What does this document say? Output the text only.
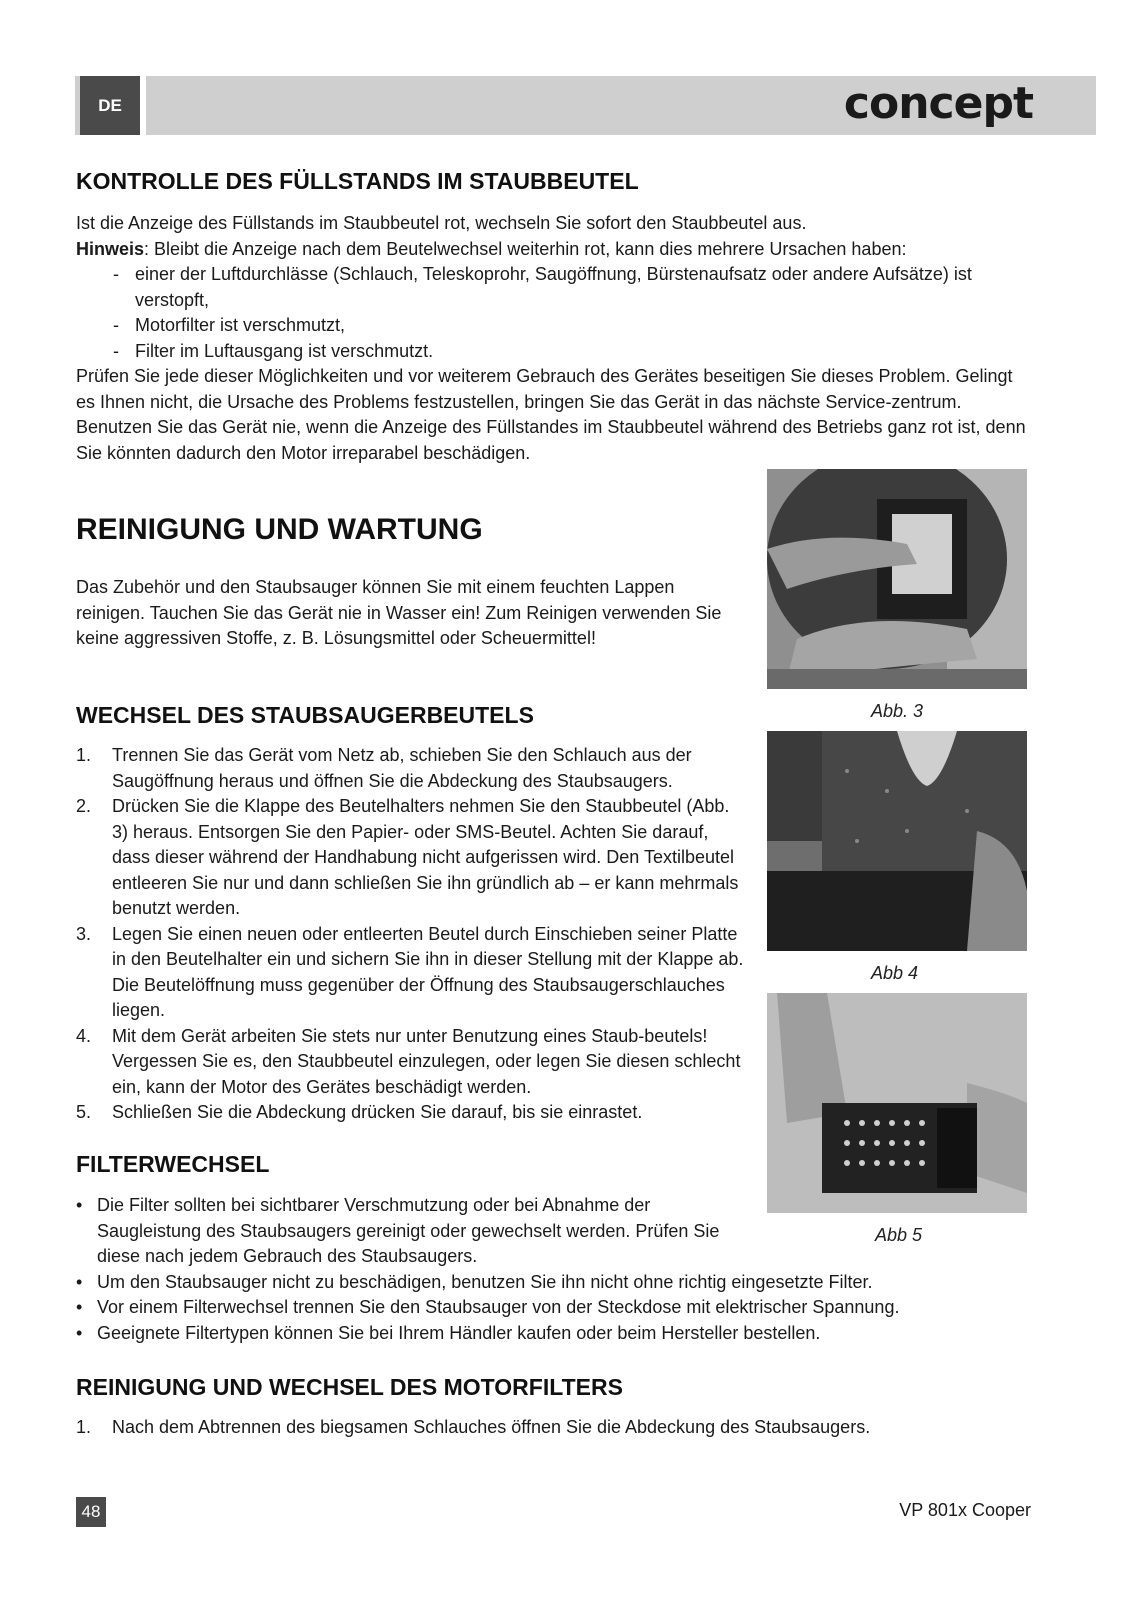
DE	concept
KONTROLLE DES FÜLLSTANDS IM STAUBBEUTEL

Ist die Anzeige des Füllstands im Staubbeutel rot, wechseln Sie sofort den Staubbeutel aus.

Hinweis: Bleibt die Anzeige nach dem Beutelwechsel weiterhin rot, kann dies mehrere Ursachen haben:

- einer der Luftdurchlässe (Schlauch, Teleskoprohr, Saugöffnung, Bürstenaufsatz oder andere Aufsätze) ist verstopft,
- Motorfilter ist verschmutzt,
- Filter im Luftausgang ist verschmutzt.

Prüfen Sie jede dieser Möglichkeiten und vor weiterem Gebrauch des Gerätes beseitigen Sie dieses Problem. Gelingt es Ihnen nicht, die Ursache des Problems festzustellen, bringen Sie das Gerät in das nächste Service-zentrum. Benutzen Sie das Gerät nie, wenn die Anzeige des Füllstandes im Staubbeutel während des Betriebs ganz rot ist, denn Sie könnten dadurch den Motor irreparabel beschädigen.

REINIGUNG UND WARTUNG

Das Zubehör und den Staubsauger können Sie mit einem feuchten Lappen reinigen. Tauchen Sie das Gerät nie in Wasser ein! Zum Reinigen verwenden Sie keine aggressiven Stoffe, z. B. Lösungsmittel oder Scheuermittel!

WECHSEL DES STAUBSAUGERBEUTELS
1. Trennen Sie das Gerät vom Netz ab, schieben Sie den Schlauch aus der Saugöffnung heraus und öffnen Sie die Abdeckung des Staubsaugers.
2. Drücken Sie die Klappe des Beutelhalters nehmen Sie den Staubbeutel (Abb. 3) heraus. Entsorgen Sie den Papier- oder SMS-Beutel. Achten Sie darauf, dass dieser während der Handhabung nicht aufgerissen wird. Den Textilbeutel entleeren Sie nur und dann schließen Sie ihn gründlich ab – er kann mehrmals benutzt werden.
3. Legen Sie einen neuen oder entleerten Beutel durch Einschieben seiner Platte in den Beutelhalter ein und sichern Sie ihn in dieser Stellung mit der Klappe ab. Die Beutelöffnung muss gegenüber der Öffnung des Staubsaugerschlauches liegen.
4. Mit dem Gerät arbeiten Sie stets nur unter Benutzung eines Staub-beutels! Vergessen Sie es, den Staubbeutel einzulegen, oder legen Sie diesen schlecht ein, kann der Motor des Gerätes beschädigt werden.
5. Schließen Sie die Abdeckung drücken Sie darauf, bis sie einrastet.
FILTERWECHSEL
• Die Filter sollten bei sichtbarer Verschmutzung oder bei Abnahme der Saugleistung des Staubsaugers gereinigt oder gewechselt werden. Prüfen Sie diese nach jedem Gebrauch des Staubsaugers.
• Um den Staubsauger nicht zu beschädigen, benutzen Sie ihn nicht ohne richtig eingesetzte Filter.
• Vor einem Filterwechsel trennen Sie den Staubsauger von der Steckdose mit elektrischer Spannung.
• Geeignete Filtertypen können Sie bei Ihrem Händler kaufen oder beim Hersteller bestellen.
REINIGUNG UND WECHSEL DES MOTORFILTERS
1. Nach dem Abtrennen des biegsamen Schlauches öffnen Sie die Abdeckung des Staubsaugers.
Abb. 3
Abb 4
Abb 5
48	VP 801x Cooper
